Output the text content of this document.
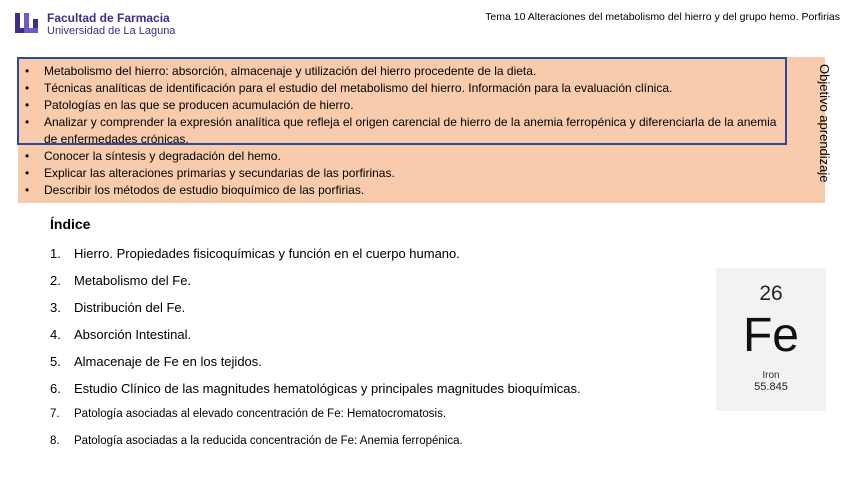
Facultad de Farmacia
Universidad de La Laguna
Tema 10 Alteraciones del metabolismo del hierro y del grupo hemo. Porfirias
• Metabolismo del hierro: absorción, almacenaje y utilización del hierro procedente de la dieta.
• Técnicas analíticas de identificación para el estudio del metabolismo del hierro. Información para la evaluación clínica.
• Patologías en las que se producen acumulación de hierro.
• Analizar y comprender la expresión analítica que refleja el origen carencial de hierro de la anemia ferropénica y diferenciarla de la anemia de enfermedades crónicas.
• Conocer la síntesis y degradación del hemo.
• Explicar las alteraciones primarias y secundarias de las porfirinas.
• Describir los métodos de estudio bioquímico de las porfirias.
Objetivo aprendizaje
Índice
1. Hierro. Propiedades fisicoquímicas y función en el cuerpo humano.
2. Metabolismo del Fe.
3. Distribución del Fe.
4. Absorción Intestinal.
5. Almacenaje de Fe en los tejidos.
6. Estudio Clínico de las magnitudes hematológicas y principales magnitudes bioquímicas.
7. Patología asociadas al elevado concentración de Fe: Hematocromatosis.
8. Patología asociadas a la reducida concentración de Fe: Anemia ferropénica.
26
Fe
Iron
55.845
